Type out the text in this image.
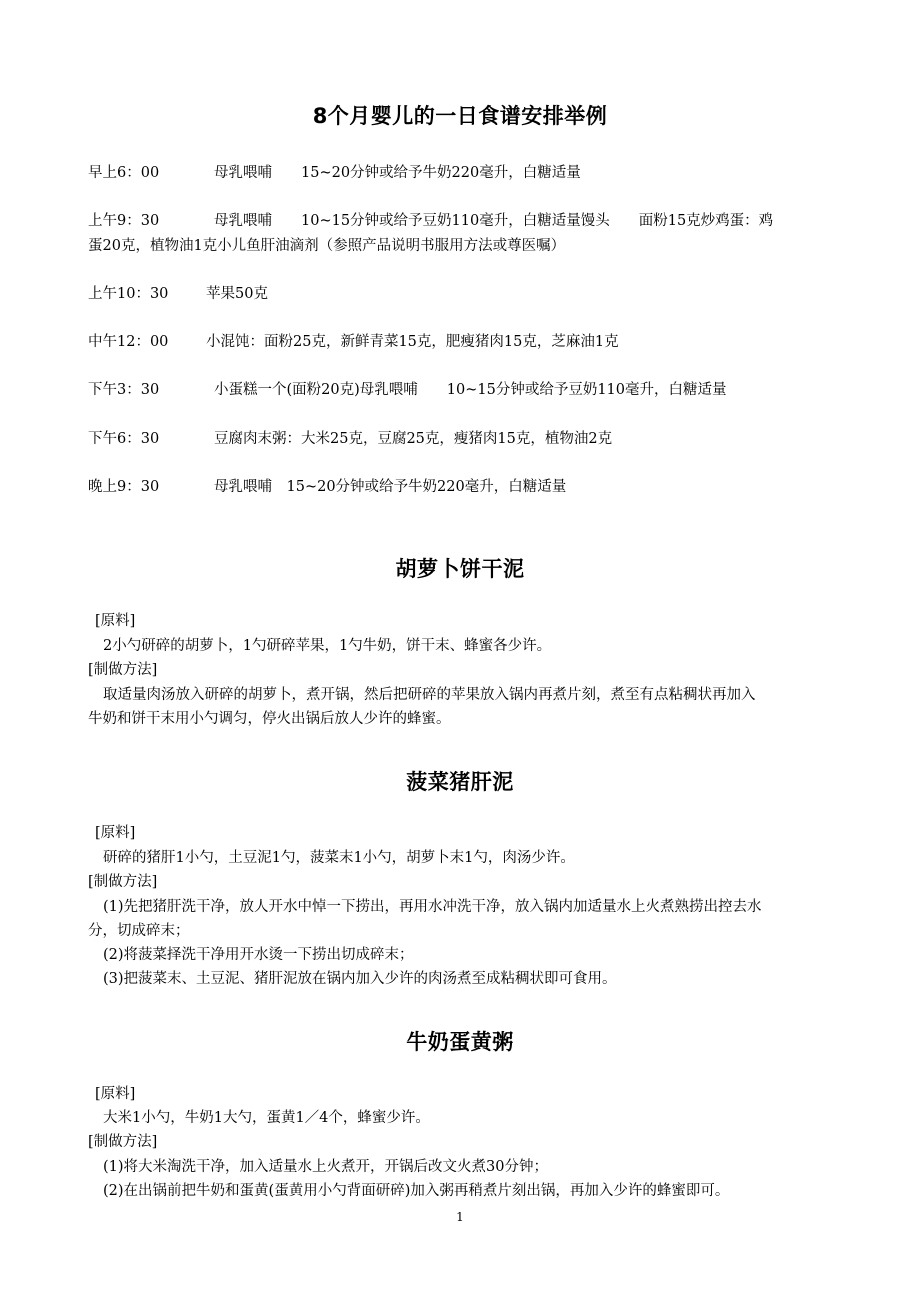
8个月婴儿的一日食谱安排举例
早上6：00	母乳喂哺　　15~20分钟或给予牛奶220毫升，白糖适量
上午9：30	母乳喂哺　　10~15分钟或给予豆奶110毫升，白糖适量馒头　　面粉15克炒鸡蛋：鸡
蛋20克，植物油1克小儿鱼肝油滴剂（参照产品说明书服用方法或尊医嘱）
上午10：30	苹果50克
中午12：00	小混饨：面粉25克，新鲜青菜15克，肥瘦猪肉15克，芝麻油1克
下午3：30	小蛋糕一个(面粉20克)母乳喂哺　　10~15分钟或给予豆奶110毫升，白糖适量
下午6：30	豆腐肉末粥：大米25克，豆腐25克，瘦猪肉15克，植物油2克
晚上9：30	母乳喂哺　15~20分钟或给予牛奶220毫升，白糖适量
胡萝卜饼干泥
[原料]
2小勺研碎的胡萝卜，1勺研碎苹果，1勺牛奶，饼干末、蜂蜜各少许。
[制做方法]
取适量肉汤放入研碎的胡萝卜，煮开锅，然后把研碎的苹果放入锅内再煮片刻，煮至有点粘稠状再加入
牛奶和饼干末用小勺调匀，停火出锅后放人少许的蜂蜜。
菠菜猪肝泥
[原料]
研碎的猪肝1小勺，土豆泥1勺，菠菜末1小勺，胡萝卜末1勺，肉汤少许。
[制做方法]
(1)先把猪肝洗干净，放人开水中悼一下捞出，再用水冲洗干净，放入锅内加适量水上火煮熟捞出控去水
分，切成碎末；
(2)将菠菜择洗干净用开水烫一下捞出切成碎末；
(3)把菠菜末、土豆泥、猪肝泥放在锅内加入少许的肉汤煮至成粘稠状即可食用。
牛奶蛋黄粥
[原料]
大米1小勺，牛奶1大勺，蛋黄1／4个，蜂蜜少许。
[制做方法]
(1)将大米淘洗干净，加入适量水上火煮开，开锅后改文火煮30分钟；
(2)在出锅前把牛奶和蛋黄(蛋黄用小勺背面研碎)加入粥再稍煮片刻出锅，再加入少许的蜂蜜即可。
1
